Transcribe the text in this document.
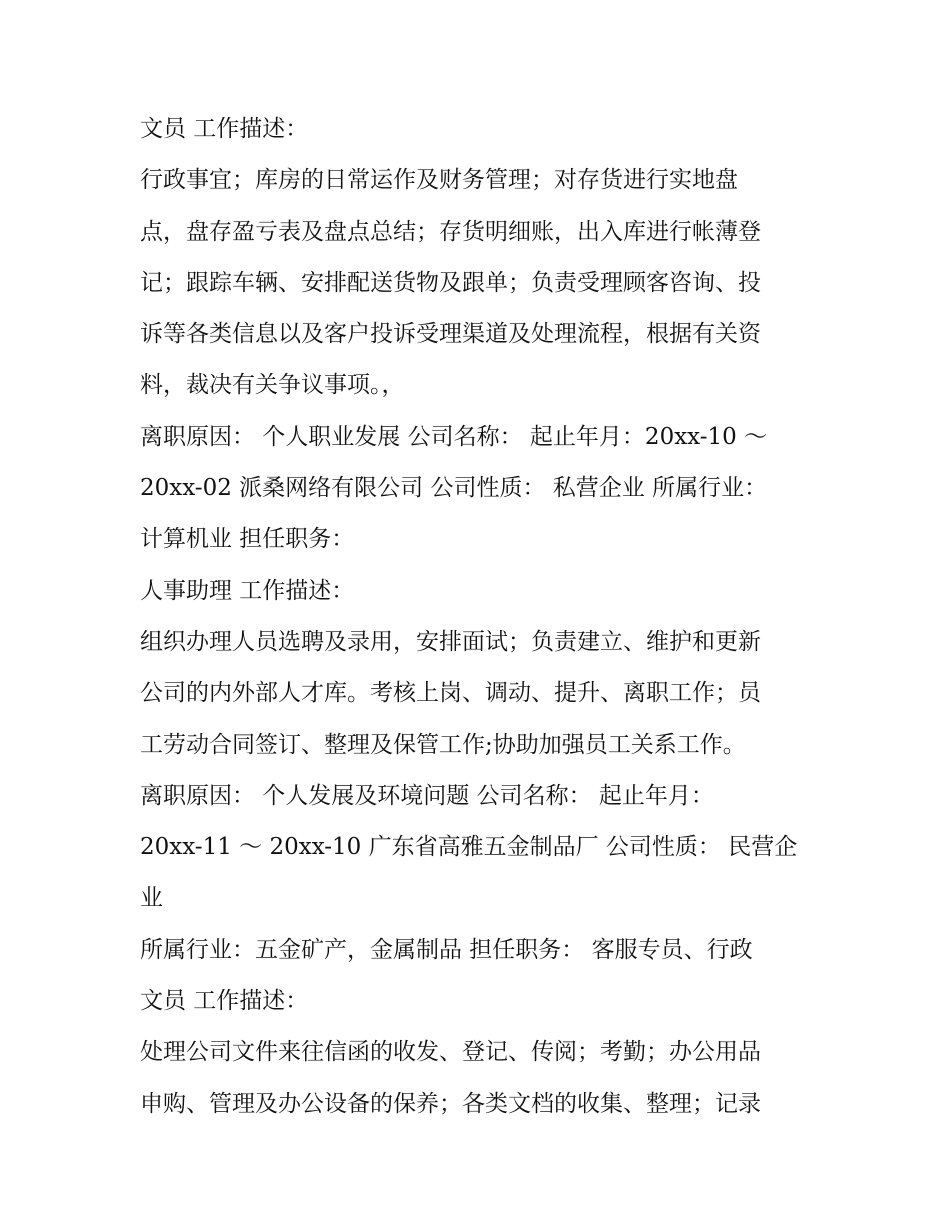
文员 工作描述：
行政事宜；库房的日常运作及财务管理；对存货进行实地盘
点，盘存盈亏表及盘点总结；存货明细账，出入库进行帐薄登
记；跟踪车辆、安排配送货物及跟单；负责受理顾客咨询、投
诉等各类信息以及客户投诉受理渠道及处理流程，根据有关资
料，裁决有关争议事项。，
离职原因： 个人职业发展 公司名称： 起止年月：20xx-10 ～
20xx-02 派桑网络有限公司 公司性质： 私营企业 所属行业：
计算机业 担任职务：
人事助理 工作描述：
组织办理人员选聘及录用，安排面试；负责建立、维护和更新
公司的内外部人才库。考核上岗、调动、提升、离职工作；员
工劳动合同签订、整理及保管工作;协助加强员工关系工作。
离职原因： 个人发展及环境问题 公司名称： 起止年月：
20xx-11 ～ 20xx-10 广东省高雅五金制品厂 公司性质： 民营企
业
所属行业：五金矿产，金属制品 担任职务： 客服专员、行政
文员 工作描述：
处理公司文件来往信函的收发、登记、传阅；考勤；办公用品
申购、管理及办公设备的保养；各类文档的收集、整理；记录
